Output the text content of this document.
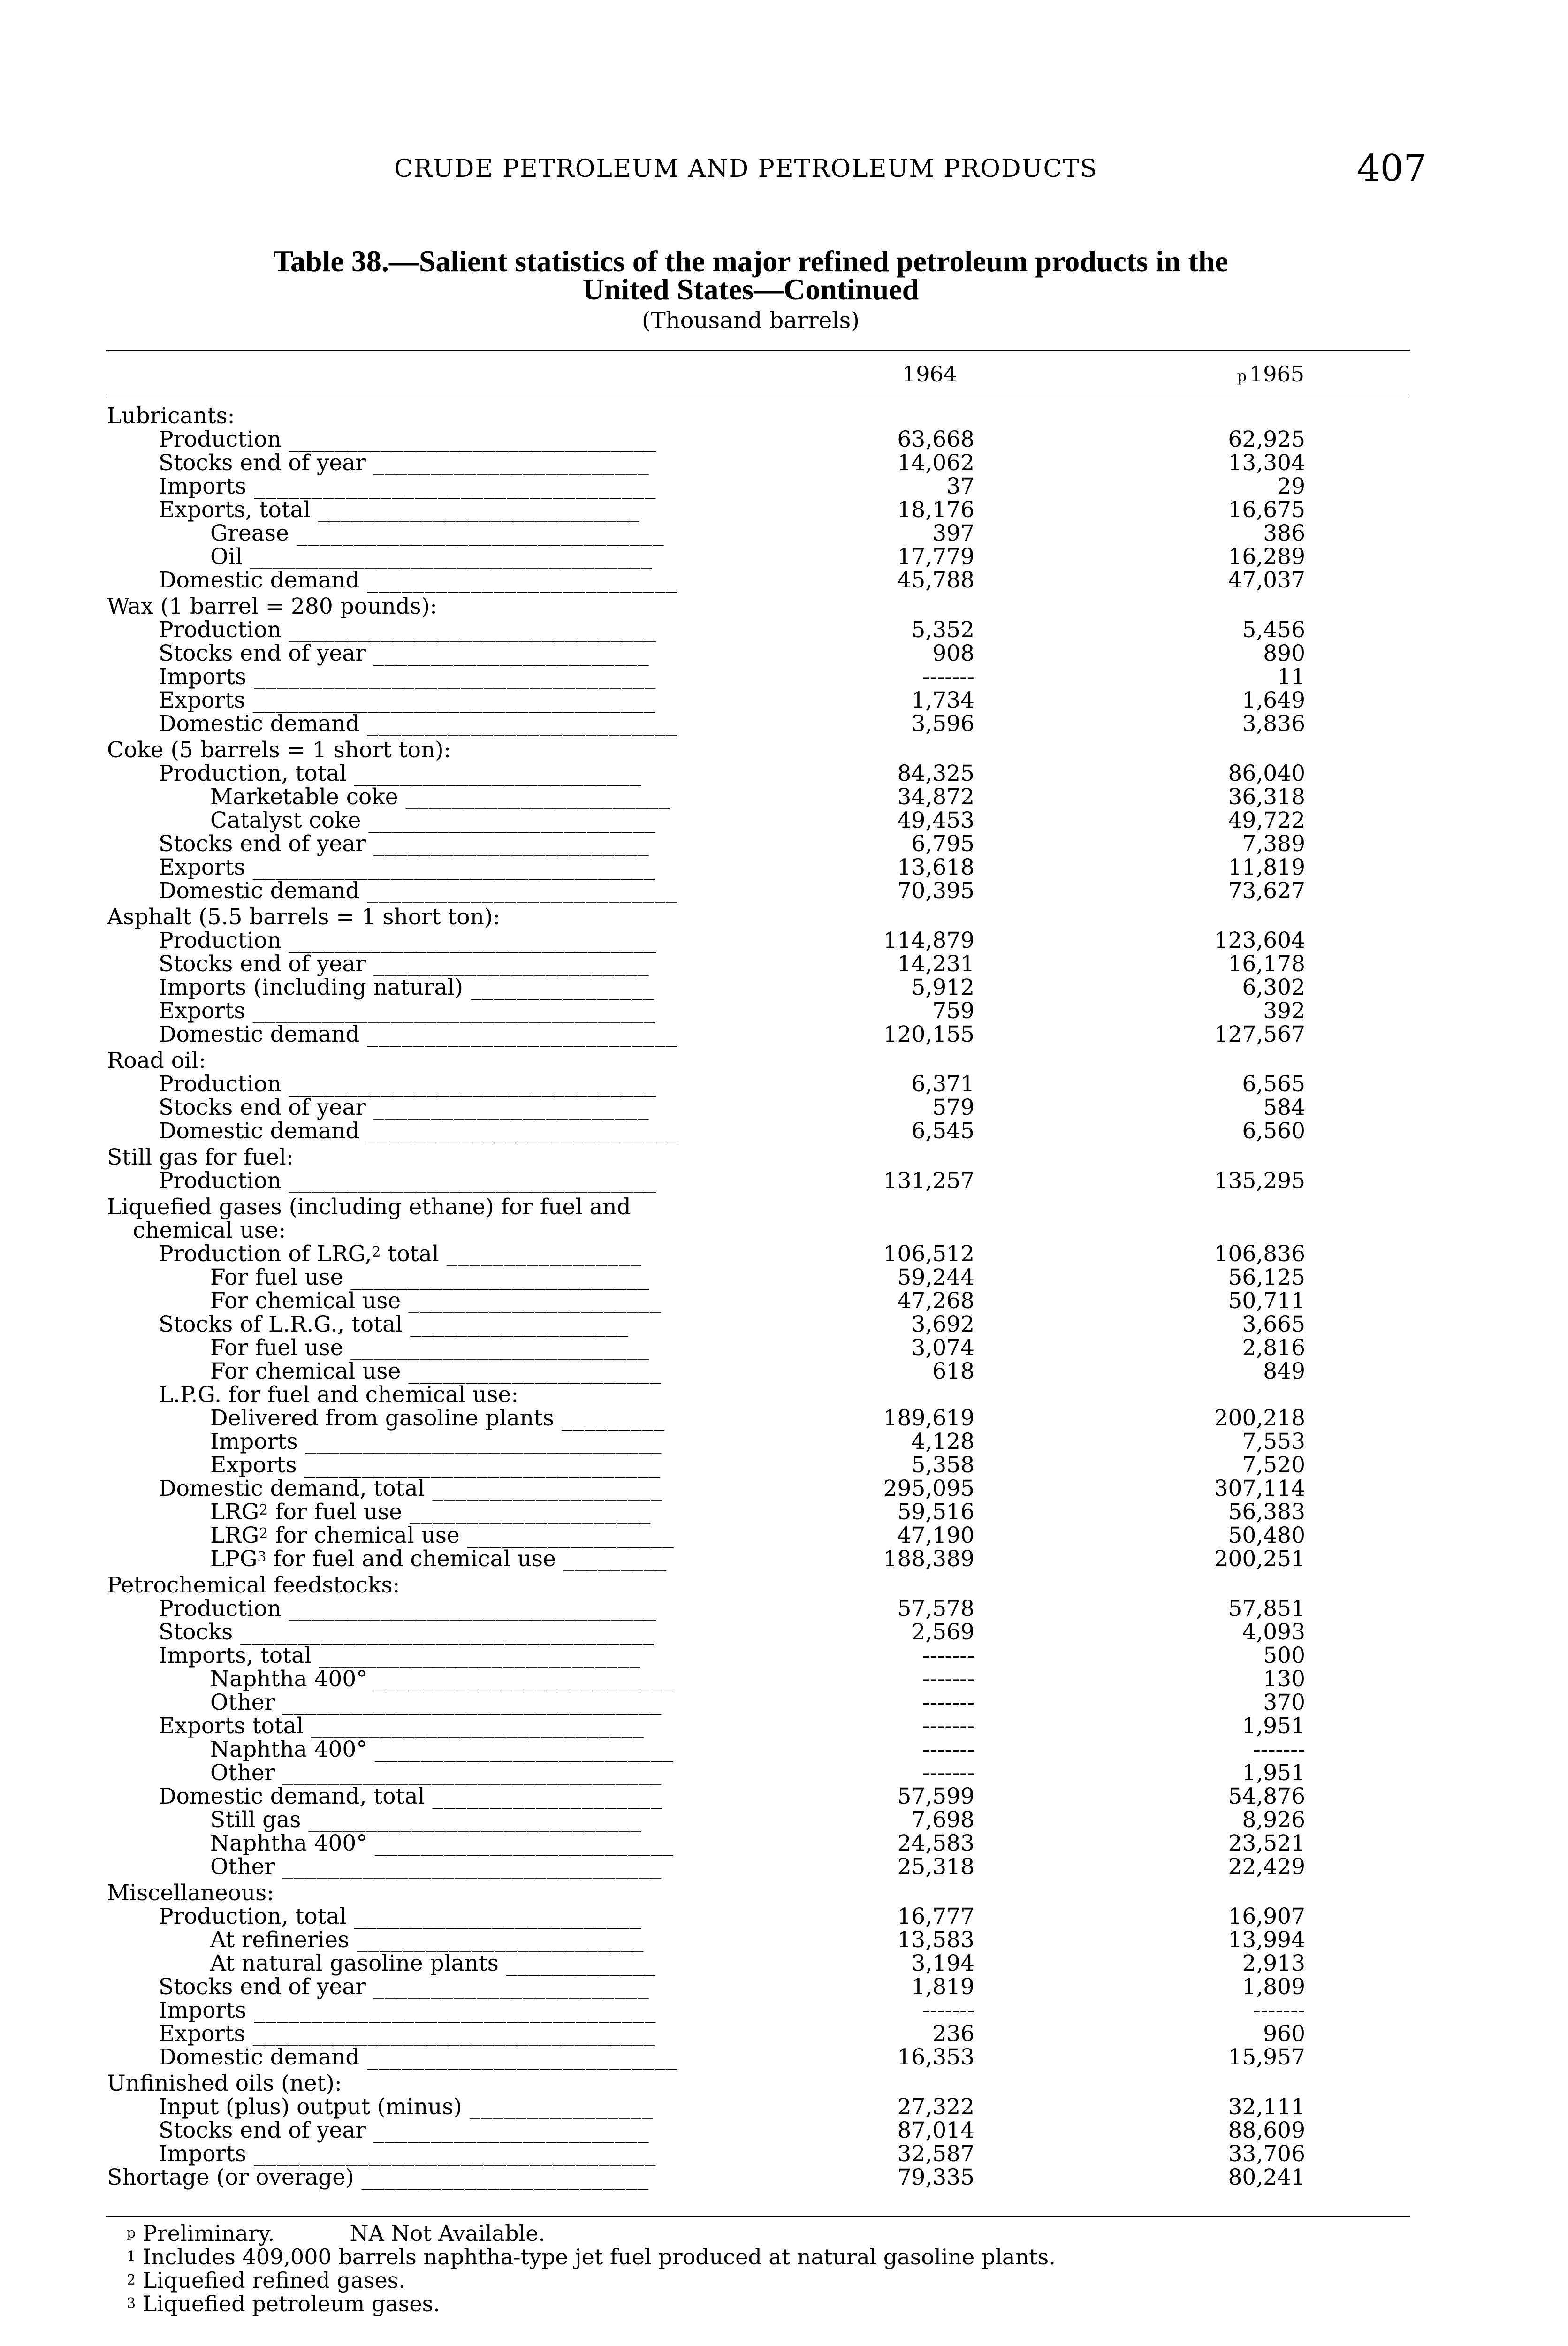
CRUDE PETROLEUM AND PETROLEUM PRODUCTS	407
Table 38.—Salient statistics of the major refined petroleum products in the
United States—Continued
(Thousand barrels)
1964	p 1965
Lubricants:
Production ________________________________	63,668	62,925
Stocks end of year ________________________	14,062	13,304
Imports ___________________________________	37	29
Exports, total ____________________________	18,176	16,675
Grease ________________________________	397	386
Oil ___________________________________	17,779	16,289
Domestic demand ___________________________	45,788	47,037
Wax (1 barrel = 280 pounds):
Production ________________________________	5,352	5,456
Stocks end of year ________________________	908	890
Imports ___________________________________	-------	11
Exports ___________________________________	1,734	1,649
Domestic demand ___________________________	3,596	3,836
Coke (5 barrels = 1 short ton):
Production, total _________________________	84,325	86,040
Marketable coke _______________________	34,872	36,318
Catalyst coke _________________________	49,453	49,722
Stocks end of year ________________________	6,795	7,389
Exports ___________________________________	13,618	11,819
Domestic demand ___________________________	70,395	73,627
Asphalt (5.5 barrels = 1 short ton):
Production ________________________________	114,879	123,604
Stocks end of year ________________________	14,231	16,178
Imports (including natural) ________________	5,912	6,302
Exports ___________________________________	759	392
Domestic demand ___________________________	120,155	127,567
Road oil:
Production ________________________________	6,371	6,565
Stocks end of year ________________________	579	584
Domestic demand ___________________________	6,545	6,560
Still gas for fuel:
Production ________________________________	131,257	135,295
Liquefied gases (including ethane) for fuel and
chemical use:
Production of LRG,$^2$ total _________________	106,512	106,836
For fuel use __________________________	59,244	56,125
For chemical use ______________________	47,268	50,711
Stocks of L.R.G., total ___________________	3,692	3,665
For fuel use __________________________	3,074	2,816
For chemical use ______________________	618	849
L.P.G. for fuel and chemical use:
Delivered from gasoline plants _________	189,619	200,218
Imports _______________________________	4,128	7,553
Exports _______________________________	5,358	7,520
Domestic demand, total ____________________	295,095	307,114
LRG$^2$ for fuel use _____________________	59,516	56,383
LRG$^2$ for chemical use __________________	47,190	50,480
LPG$^3$ for fuel and chemical use _________	188,389	200,251
Petrochemical feedstocks:
Production ________________________________	57,578	57,851
Stocks ____________________________________	2,569	4,093
Imports, total ____________________________	-------	500
Naphtha 400° __________________________	-------	130
Other _________________________________	-------	370
Exports total _____________________________	-------	1,951
Naphtha 400° __________________________	-------	-------
Other _________________________________	-------	1,951
Domestic demand, total ____________________	57,599	54,876
Still gas _____________________________	7,698	8,926
Naphtha 400° __________________________	24,583	23,521
Other _________________________________	25,318	22,429
Miscellaneous:
Production, total _________________________	16,777	16,907
At refineries _________________________	13,583	13,994
At natural gasoline plants _____________	3,194	2,913
Stocks end of year ________________________	1,819	1,809
Imports ___________________________________	-------	-------
Exports ___________________________________	236	960
Domestic demand ___________________________	16,353	15,957
Unfinished oils (net):
Input (plus) output (minus) ________________	27,322	32,111
Stocks end of year ________________________	87,014	88,609
Imports ___________________________________	32,587	33,706
Shortage (or overage) _________________________	79,335	80,241
$^p$ Preliminary.	NA Not Available.
$^1$ Includes 409,000 barrels naphtha-type jet fuel produced at natural gasoline plants.
$^2$ Liquefied refined gases.
$^3$ Liquefied petroleum gases.
